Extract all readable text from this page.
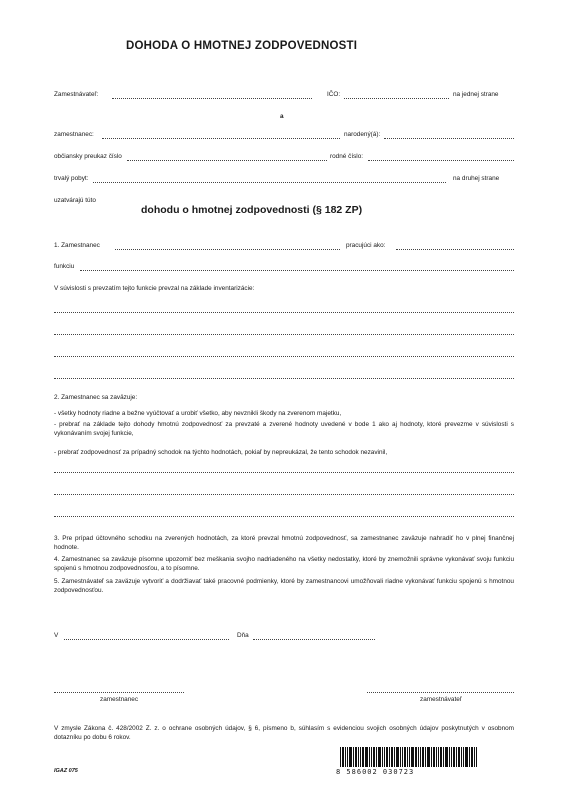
DOHODA O HMOTNEJ ZODPOVEDNOSTI
Zamestnávateľ:	IČO:	na jednej strane
a
zamestnanec:	narodený(á):
občiansky preukaz číslo	rodné číslo:
trvalý pobyt:	na druhej strane
uzatvárajú túto
dohodu o hmotnej zodpovednosti (§ 182 ZP)
1. Zamestnanec	pracujúci ako:
funkciu
V súvislosti s prevzatím tejto funkcie prevzal na základe inventarizácie:
2. Zamestnanec sa zaväzuje:
- všetky hodnoty riadne a bežne vyúčtovať a urobiť všetko, aby nevznikli škody na zverenom majetku,
- prebrať na základe tejto dohody hmotnú zodpovednosť za prevzaté a zverené hodnoty uvedené v bode 1 ako aj hodnoty, ktoré prevezme v súvislosti s vykonávaním svojej funkcie,
- prebrať zodpovednosť za prípadný schodok na týchto hodnotách, pokiaľ by nepreukázal, že tento schodok nezavinil,
3. Pre prípad účtovného schodku na zverených hodnotách, za ktoré prevzal hmotnú zodpovednosť, sa zamestnanec zaväzuje nahradiť ho v plnej finančnej hodnote.
4. Zamestnanec sa zaväzuje písomne upozorniť bez meškania svojho nadriadeného na všetky nedostatky, ktoré by znemožnili správne vykonávať svoju funkciu spojenú s hmotnou zodpovednosťou, a to písomne.
5. Zamestnávateľ sa zaväzuje vytvoriť a dodržiavať také pracovné podmienky, ktoré by zamestnancovi umožňovali riadne vykonávať funkciu spojenú s hmotnou zodpovednosťou.
V	Dňa
zamestnanec	zamestnávateľ
V zmysle Zákona č. 428/2002 Z. z. o ochrane osobných údajov, § 6, písmeno b, súhlasím s evidenciou svojich osobných údajov poskytnutých v osobnom dotazníku po dobu 6 rokov.
IGAZ 075	8 586002 030723
